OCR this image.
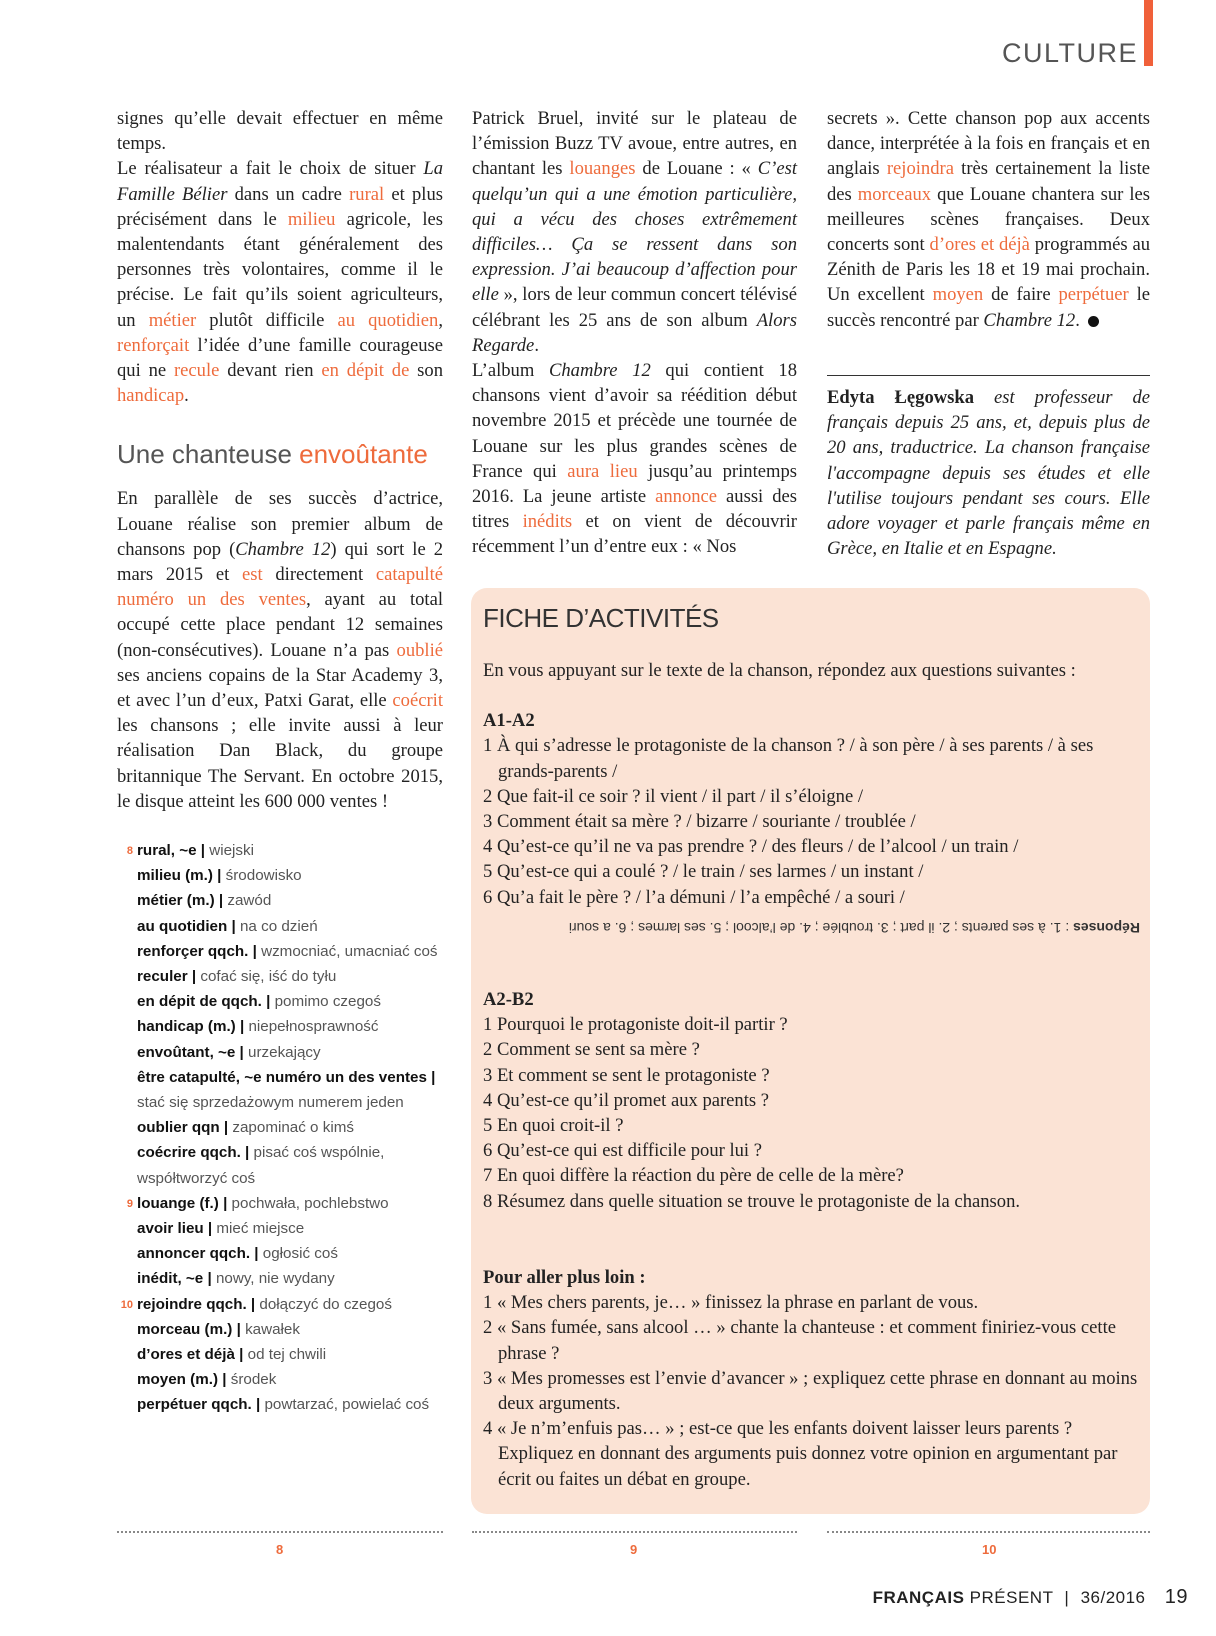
CULTURE

signes qu’elle devait effectuer en même temps.

Le réalisateur a fait le choix de situer La Famille Bélier dans un cadre rural et plus précisément dans le milieu agricole, les malentendants étant généralement des personnes très volontaires, comme il le précise. Le fait qu’ils soient agriculteurs, un métier plutôt difficile au quotidien, renforçait l’idée d’une famille courageuse qui ne recule devant rien en dépit de son handicap.

Une chanteuse envoûtante

En parallèle de ses succès d’actrice, Louane réalise son premier album de chansons pop (Chambre 12) qui sort le 2 mars 2015 et est directement catapulté numéro un des ventes, ayant au total occupé cette place pendant 12 semaines (non-consécutives). Louane n’a pas oublié ses anciens copains de la Star Academy 3, et avec l’un d’eux, Patxi Garat, elle coécrit les chansons ; elle invite aussi à leur réalisation Dan Black, du groupe britannique The Servant. En octobre 2015, le disque atteint les 600 000 ventes !

8 rural, ~e | wiejski
milieu (m.) | środowisko
métier (m.) | zawód
au quotidien | na co dzień
renforçer qqch. | wzmocniać, umacniać coś
reculer | cofać się, iść do tyłu
en dépit de qqch. | pomimo czegoś
handicap (m.) | niepełnosprawność
envoûtant, ~e | urzekający
être catapulté, ~e numéro un des ventes | stać się sprzedażowym numerem jeden
oublier qqn | zapominać o kimś
coécrire qqch. | pisać coś wspólnie, współtworzyć coś
9 louange (f.) | pochwała, pochlebstwo
avoir lieu | mieć miejsce
annoncer qqch. | ogłosić coś
inédit, ~e | nowy, nie wydany
10 rejoindre qqch. | dołączyć do czegoś
morceau (m.) | kawałek
d’ores et déjà | od tej chwili
moyen (m.) | środek
perpétuer qqch. | powtarzać, powielać coś

Patrick Bruel, invité sur le plateau de l’émission Buzz TV avoue, entre autres, en chantant les louanges de Louane : « C’est quelqu’un qui a une émotion particulière, qui a vécu des choses extrêmement difficiles… Ça se ressent dans son expression. J’ai beaucoup d’affection pour elle », lors de leur commun concert télévisé célébrant les 25 ans de son album Alors Regarde.

L’album Chambre 12 qui contient 18 chansons vient d’avoir sa réédition début novembre 2015 et précède une tournée de Louane sur les plus grandes scènes de France qui aura lieu jusqu’au printemps 2016. La jeune artiste annonce aussi des titres inédits et on vient de découvrir récemment l’un d’entre eux : « Nos

secrets ». Cette chanson pop aux accents dance, interprétée à la fois en français et en anglais rejoindra très certainement la liste des morceaux que Louane chantera sur les meilleures scènes françaises. Deux concerts sont d’ores et déjà programmés au Zénith de Paris les 18 et 19 mai prochain. Un excellent moyen de faire perpétuer le succès rencontré par Chambre 12.

Edyta Łęgowska est professeur de français depuis 25 ans, et, depuis plus de 20 ans, traductrice. La chanson française l'accompagne depuis ses études et elle l'utilise toujours pendant ses cours. Elle adore voyager et parle français même en Grèce, en Italie et en Espagne.
FICHE D’ACTIVITÉS
En vous appuyant sur le texte de la chanson, répondez aux questions suivantes :
A1-A2
1 À qui s’adresse le protagoniste de la chanson ? / à son père / à ses parents / à ses grands-parents /
2 Que fait-il ce soir ? il vient / il part / il s’éloigne /
3 Comment était sa mère ? / bizarre / souriante / troublée /
4 Qu’est-ce qu’il ne va pas prendre ? / des fleurs / de l’alcool / un train /
5 Qu’est-ce qui a coulé ? / le train / ses larmes / un instant /
6 Qu’a fait le père ? / l’a démuni / l’a empêché / a souri /
Réponses : 1. à ses parents ; 2. il part ; 3. troublée ; 4. de l’alcool ; 5. ses larmes ; 6. a souri
A2-B2
1 Pourquoi le protagoniste doit-il partir ?
2 Comment se sent sa mère ?
3 Et comment se sent le protagoniste ?
4 Qu’est-ce qu’il promet aux parents ?
5 En quoi croit-il ?
6 Qu’est-ce qui est difficile pour lui ?
7 En quoi diffère la réaction du père de celle de la mère?
8 Résumez dans quelle situation se trouve le protagoniste de la chanson.
Pour aller plus loin :
1 « Mes chers parents, je… » finissez la phrase en parlant de vous.
2 « Sans fumée, sans alcool … » chante la chanteuse : et comment finiriez-vous cette phrase ?
3 « Mes promesses est l’envie d’avancer » ; expliquez cette phrase en donnant au moins deux arguments.
4 « Je n’m’enfuis pas… » ; est-ce que les enfants doivent laisser leurs parents ? Expliquez en donnant des arguments puis donnez votre opinion en argumentant par écrit ou faites un débat en groupe.
8	9	10
FRANÇAIS PRÉSENT | 36/2016 19
